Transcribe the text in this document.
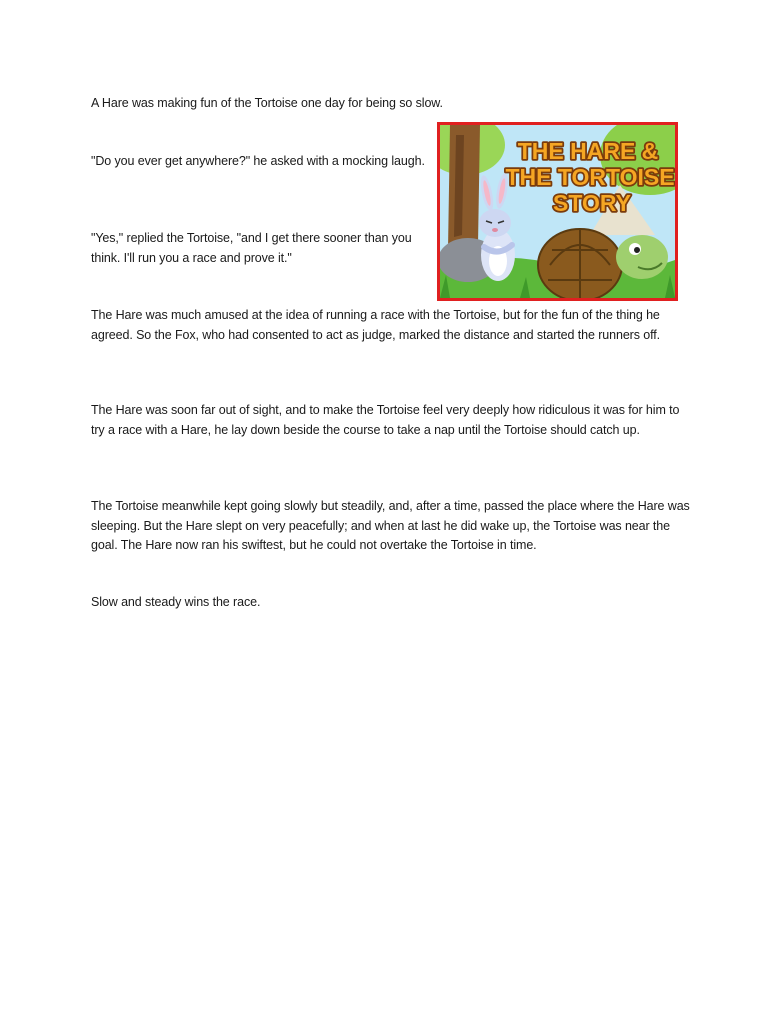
A Hare was making fun of the Tortoise one day for being so slow.

"Do you ever get anywhere?" he asked with a mocking laugh.

"Yes," replied the Tortoise, "and I get there sooner than you think. I'll run you a race and prove it."

The Hare was much amused at the idea of running a race with the Tortoise, but for the fun of the thing he agreed. So the Fox, who had consented to act as judge, marked the distance and started the runners off.

The Hare was soon far out of sight, and to make the Tortoise feel very deeply how ridiculous it was for him to try a race with a Hare, he lay down beside the course to take a nap until the Tortoise should catch up.

The Tortoise meanwhile kept going slowly but steadily, and, after a time, passed the place where the Hare was sleeping. But the Hare slept on very peacefully; and when at last he did wake up, the Tortoise was near the goal. The Hare now ran his swiftest, but he could not overtake the Tortoise in time.

Slow and steady wins the race.

THE HARE &
THE TORTOISE
STORY
